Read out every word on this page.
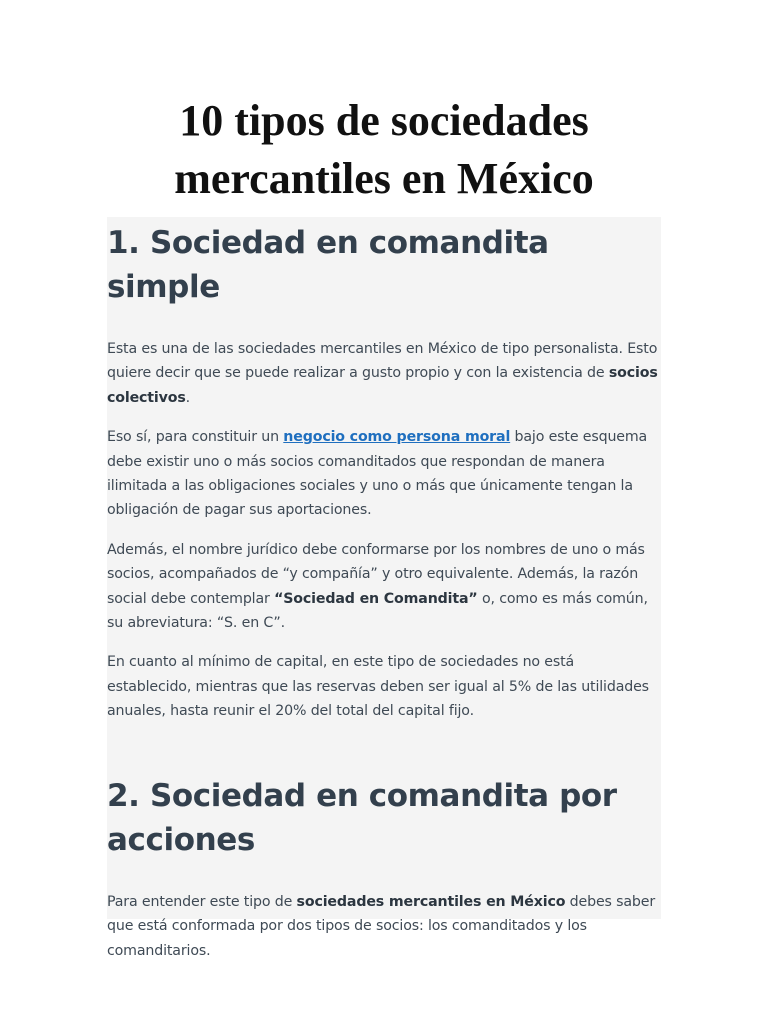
10 tipos de sociedades mercantiles en México
1. Sociedad en comandita simple

Esta es una de las sociedades mercantiles en México de tipo personalista. Esto quiere decir que se puede realizar a gusto propio y con la existencia de socios colectivos.

Eso sí, para constituir un negocio como persona moral bajo este esquema debe existir uno o más socios comanditados que respondan de manera ilimitada a las obligaciones sociales y uno o más que únicamente tengan la obligación de pagar sus aportaciones.

Además, el nombre jurídico debe conformarse por los nombres de uno o más socios, acompañados de “y compañía” y otro equivalente. Además, la razón social debe contemplar “Sociedad en Comandita” o, como es más común, su abreviatura: “S. en C”.

En cuanto al mínimo de capital, en este tipo de sociedades no está establecido, mientras que las reservas deben ser igual al 5% de las utilidades anuales, hasta reunir el 20% del total del capital fijo.

2. Sociedad en comandita por acciones

Para entender este tipo de sociedades mercantiles en México debes saber que está conformada por dos tipos de socios: los comanditados y los comanditarios.
